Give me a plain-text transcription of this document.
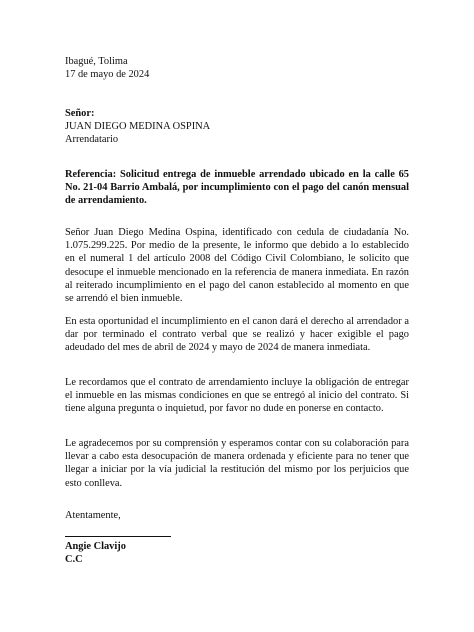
Ibagué, Tolima
17 de mayo de 2024
Señor:
JUAN DIEGO MEDINA OSPINA
Arrendatario
Referencia: Solicitud entrega de inmueble arrendado ubicado en la calle 65 No. 21-04 Barrio Ambalá, por incumplimiento con el pago del canón mensual de arrendamiento.
Señor Juan Diego Medina Ospina, identificado con cedula de ciudadanía No. 1.075.299.225. Por medio de la presente, le informo que debido a lo establecido en el numeral 1 del artículo 2008 del Código Civil Colombiano, le solicito que desocupe el inmueble mencionado en la referencia de manera inmediata. En razón al reiterado incumplimiento en el pago del canon establecido al momento en que se arrendó el bien inmueble.
En esta oportunidad el incumplimiento en el canon dará el derecho al arrendador a dar por terminado el contrato verbal que se realizó y hacer exigible el pago adeudado del mes de abril de 2024 y mayo de 2024 de manera inmediata.
Le recordamos que el contrato de arrendamiento incluye la obligación de entregar el inmueble en las mismas condiciones en que se entregó al inicio del contrato. Si tiene alguna pregunta o inquietud, por favor no dude en ponerse en contacto.
Le agradecemos por su comprensión y esperamos contar con su colaboración para llevar a cabo esta desocupación de manera ordenada y eficiente para no tener que llegar a iniciar por la vía judicial la restitución del mismo por los perjuicios que esto conlleva.
Atentamente,
Angie Clavijo
C.C
